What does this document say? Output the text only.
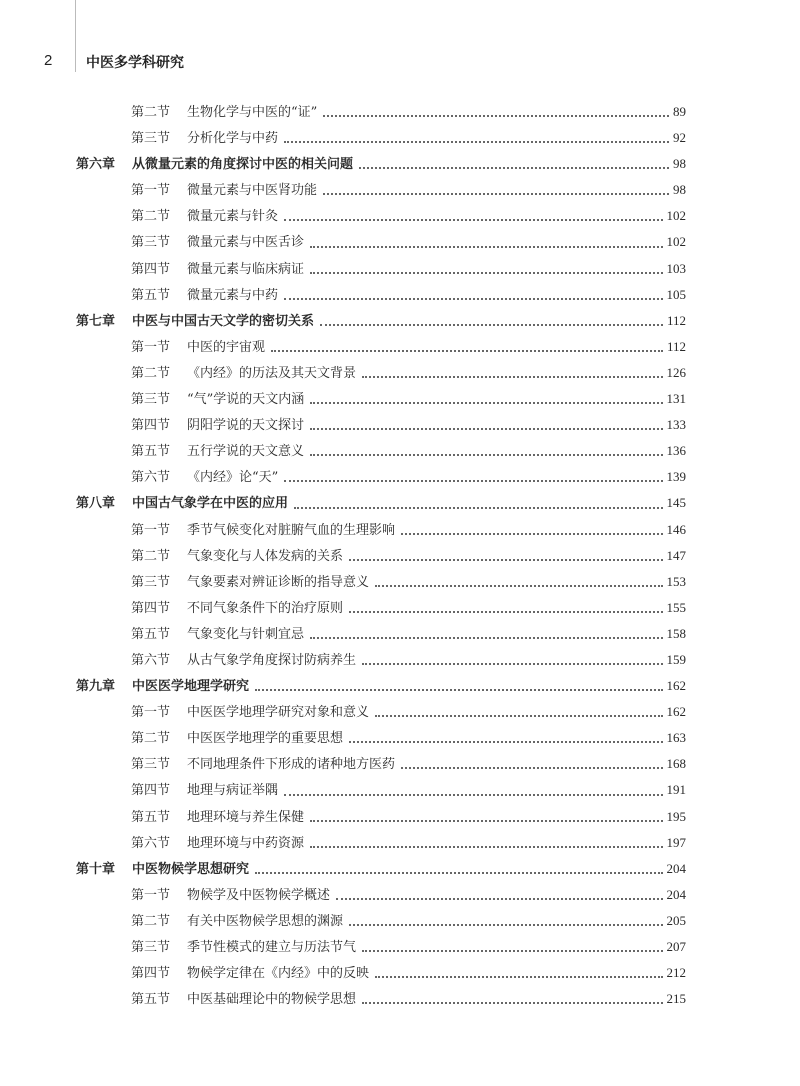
2 中医多学科研究
第二节	生物化学与中医的“证”	89
第三节	分析化学与中药	92
第六章	从微量元素的角度探讨中医的相关问题	98
第一节	微量元素与中医肾功能	98
第二节	微量元素与针灸	102
第三节	微量元素与中医舌诊	102
第四节	微量元素与临床病证	103
第五节	微量元素与中药	105
第七章	中医与中国古天文学的密切关系	112
第一节	中医的宇宙观	112
第二节	《内经》的历法及其天文背景	126
第三节	“气”学说的天文内涵	131
第四节	阴阳学说的天文探讨	133
第五节	五行学说的天文意义	136
第六节	《内经》论“天”	139
第八章	中国古气象学在中医的应用	145
第一节	季节气候变化对脏腑气血的生理影响	146
第二节	气象变化与人体发病的关系	147
第三节	气象要素对辨证诊断的指导意义	153
第四节	不同气象条件下的治疗原则	155
第五节	气象变化与针刺宜忌	158
第六节	从古气象学角度探讨防病养生	159
第九章	中医医学地理学研究	162
第一节	中医医学地理学研究对象和意义	162
第二节	中医医学地理学的重要思想	163
第三节	不同地理条件下形成的诸种地方医药	168
第四节	地理与病证举隅	191
第五节	地理环境与养生保健	195
第六节	地理环境与中药资源	197
第十章	中医物候学思想研究	204
第一节	物候学及中医物候学概述	204
第二节	有关中医物候学思想的渊源	205
第三节	季节性模式的建立与历法节气	207
第四节	物候学定律在《内经》中的反映	212
第五节	中医基础理论中的物候学思想	215
